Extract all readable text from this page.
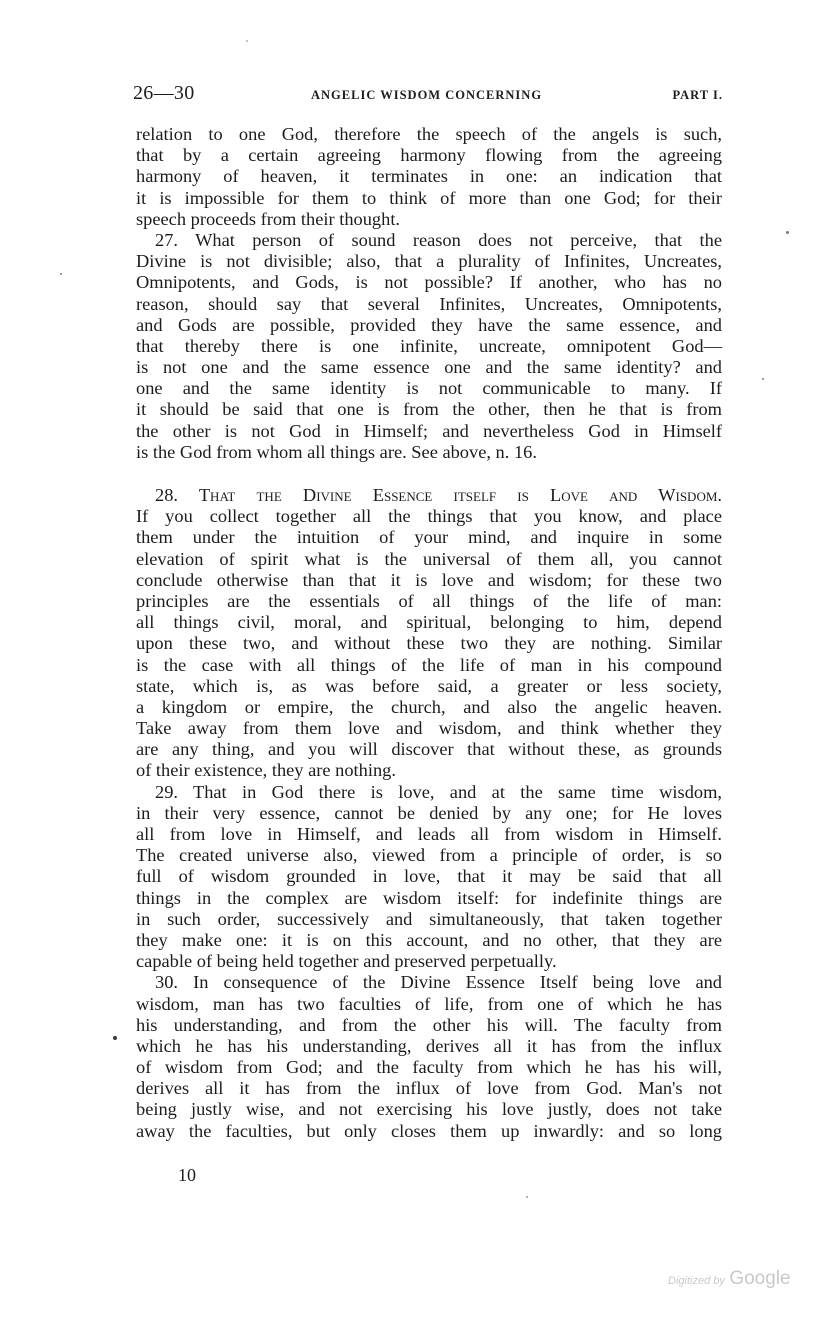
26—30	ANGELIC WISDOM CONCERNING	PART I.
relation to one God, therefore the speech of the angels is such,
that by a certain agreeing harmony flowing from the agreeing
harmony of heaven, it terminates in one: an indication that
it is impossible for them to think of more than one God; for their
speech proceeds from their thought.
27. What person of sound reason does not perceive, that the
Divine is not divisible; also, that a plurality of Infinites, Uncreates,
Omnipotents, and Gods, is not possible? If another, who has no
reason, should say that several Infinites, Uncreates, Omnipotents,
and Gods are possible, provided they have the same essence, and
that thereby there is one infinite, uncreate, omnipotent God—
is not one and the same essence one and the same identity? and
one and the same identity is not communicable to many. If
it should be said that one is from the other, then he that is from
the other is not God in Himself; and nevertheless God in Himself
is the God from whom all things are. See above, n. 16.
28. That the Divine Essence itself is Love and Wisdom.
If you collect together all the things that you know, and place
them under the intuition of your mind, and inquire in some
elevation of spirit what is the universal of them all, you cannot
conclude otherwise than that it is love and wisdom; for these two
principles are the essentials of all things of the life of man:
all things civil, moral, and spiritual, belonging to him, depend
upon these two, and without these two they are nothing. Similar
is the case with all things of the life of man in his compound
state, which is, as was before said, a greater or less society,
a kingdom or empire, the church, and also the angelic heaven.
Take away from them love and wisdom, and think whether they
are any thing, and you will discover that without these, as grounds
of their existence, they are nothing.
29. That in God there is love, and at the same time wisdom,
in their very essence, cannot be denied by any one; for He loves
all from love in Himself, and leads all from wisdom in Himself.
The created universe also, viewed from a principle of order, is so
full of wisdom grounded in love, that it may be said that all
things in the complex are wisdom itself: for indefinite things are
in such order, successively and simultaneously, that taken together
they make one: it is on this account, and no other, that they are
capable of being held together and preserved perpetually.
30. In consequence of the Divine Essence Itself being love and
wisdom, man has two faculties of life, from one of which he has
his understanding, and from the other his will. The faculty from
which he has his understanding, derives all it has from the influx
of wisdom from God; and the faculty from which he has his will,
derives all it has from the influx of love from God. Man's not
being justly wise, and not exercising his love justly, does not take
away the faculties, but only closes them up inwardly: and so long
10
Digitized by Google
